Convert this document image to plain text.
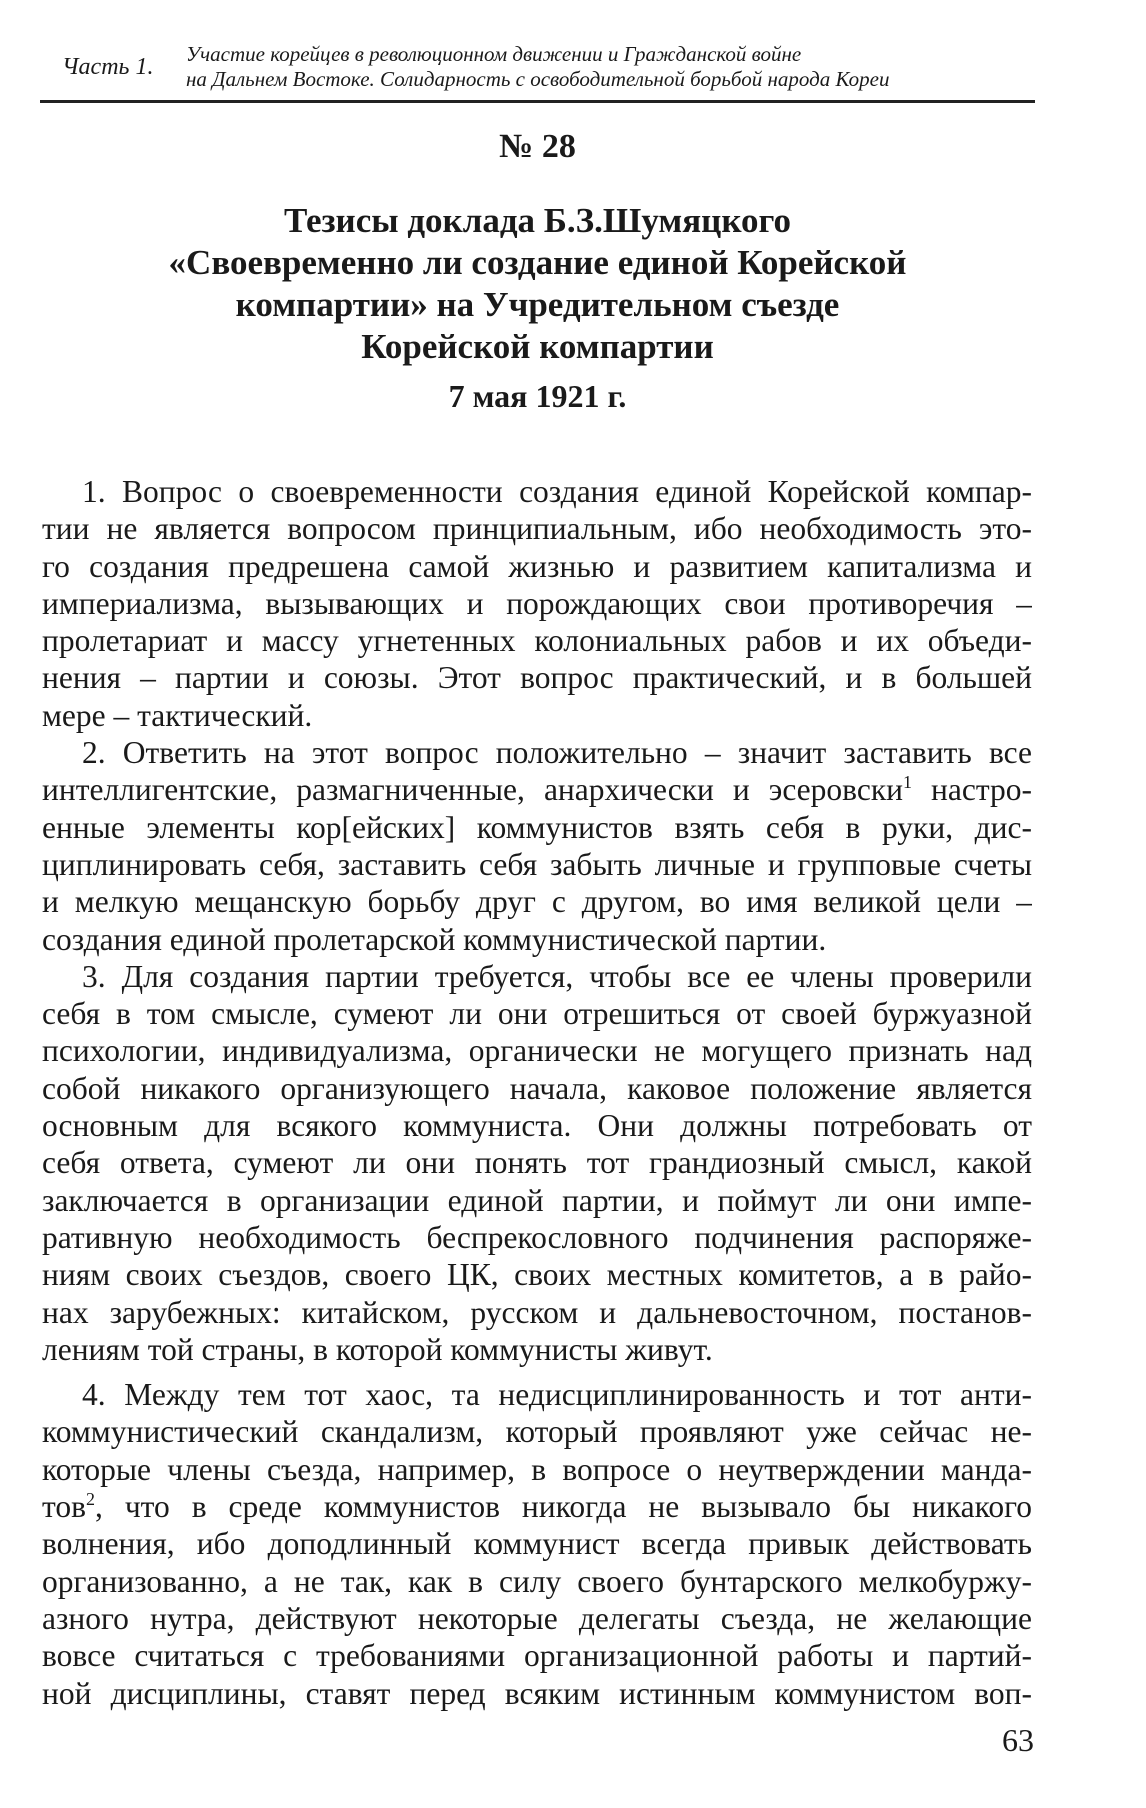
Часть 1. Участие корейцев в революционном движении и Гражданской войне
на Дальнем Востоке. Солидарность с освободительной борьбой народа Кореи
№ 28
Тезисы доклада Б.З.Шумяцкого
«Своевременно ли создание единой Корейской
компартии» на Учредительном съезде
Корейской компартии
7 мая 1921 г.
1. Вопрос о своевременности создания единой Корейской компар-
тии не является вопросом принципиальным, ибо необходимость это-
го создания предрешена самой жизнью и развитием капитализма и
империализма, вызывающих и порождающих свои противоречия –
пролетариат и массу угнетенных колониальных рабов и их объеди-
нения – партии и союзы. Этот вопрос практический, и в большей
мере – тактический.
2. Ответить на этот вопрос положительно – значит заставить все
интеллигентские, размагниченные, анархически и эсеровски$^1$ настро-
енные элементы кор[ейских] коммунистов взять себя в руки, дис-
циплинировать себя, заставить себя забыть личные и групповые счеты
и мелкую мещанскую борьбу друг с другом, во имя великой цели –
создания единой пролетарской коммунистической партии.
3. Для создания партии требуется, чтобы все ее члены проверили
себя в том смысле, сумеют ли они отрешиться от своей буржуазной
психологии, индивидуализма, органически не могущего признать над
собой никакого организующего начала, каковое положение является
основным для всякого коммуниста. Они должны потребовать от
себя ответа, сумеют ли они понять тот грандиозный смысл, какой
заключается в организации единой партии, и поймут ли они импе-
ративную необходимость беспрекословного подчинения распоряже-
ниям своих съездов, своего ЦК, своих местных комитетов, а в райо-
нах зарубежных: китайском, русском и дальневосточном, постанов-
лениям той страны, в которой коммунисты живут.
4. Между тем тот хаос, та недисциплинированность и тот анти-
коммунистический скандализм, который проявляют уже сейчас не-
которые члены съезда, например, в вопросе о неутверждении манда-
тов$^2$, что в среде коммунистов никогда не вызывало бы никакого
волнения, ибо доподлинный коммунист всегда привык действовать
организованно, а не так, как в силу своего бунтарского мелкобуржу-
азного нутра, действуют некоторые делегаты съезда, не желающие
вовсе считаться с требованиями организационной работы и партий-
ной дисциплины, ставят перед всяким истинным коммунистом воп-
63
